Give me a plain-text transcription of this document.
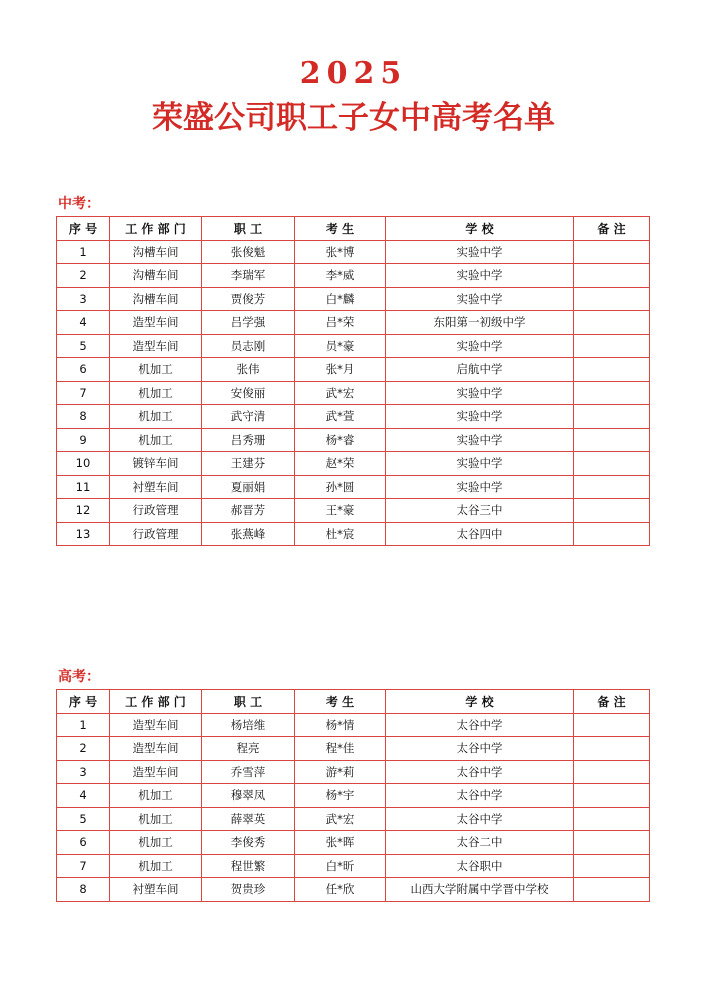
2025
荣盛公司职工子女中高考名单
中考：
序 号	工 作 部 门	职 工	考 生	学 校	备 注
1	沟槽车间	张俊魁	张*博	实验中学	
2	沟槽车间	李瑞军	李*威	实验中学	
3	沟槽车间	贾俊芳	白*麟	实验中学	
4	造型车间	吕学强	吕*荣	东阳第一初级中学	
5	造型车间	员志刚	员*豪	实验中学	
6	机加工	张伟	张*月	启航中学	
7	机加工	安俊丽	武*宏	实验中学	
8	机加工	武守清	武*萱	实验中学	
9	机加工	吕秀珊	杨*睿	实验中学	
10	镀锌车间	王建芬	赵*荣	实验中学	
11	衬塑车间	夏丽娟	孙*圆	实验中学	
12	行政管理	郝晋芳	王*豪	太谷三中	
13	行政管理	张燕峰	杜*宸	太谷四中	
高考：
序 号	工 作 部 门	职 工	考 生	学 校	备 注
1	造型车间	杨培维	杨*情	太谷中学	
2	造型车间	程亮	程*佳	太谷中学	
3	造型车间	乔雪萍	游*莉	太谷中学	
4	机加工	穆翠凤	杨*宇	太谷中学	
5	机加工	薛翠英	武*宏	太谷中学	
6	机加工	李俊秀	张*晖	太谷二中	
7	机加工	程世繁	白*昕	太谷职中	
8	衬塑车间	贺贵珍	任*欣	山西大学附属中学晋中学校	
